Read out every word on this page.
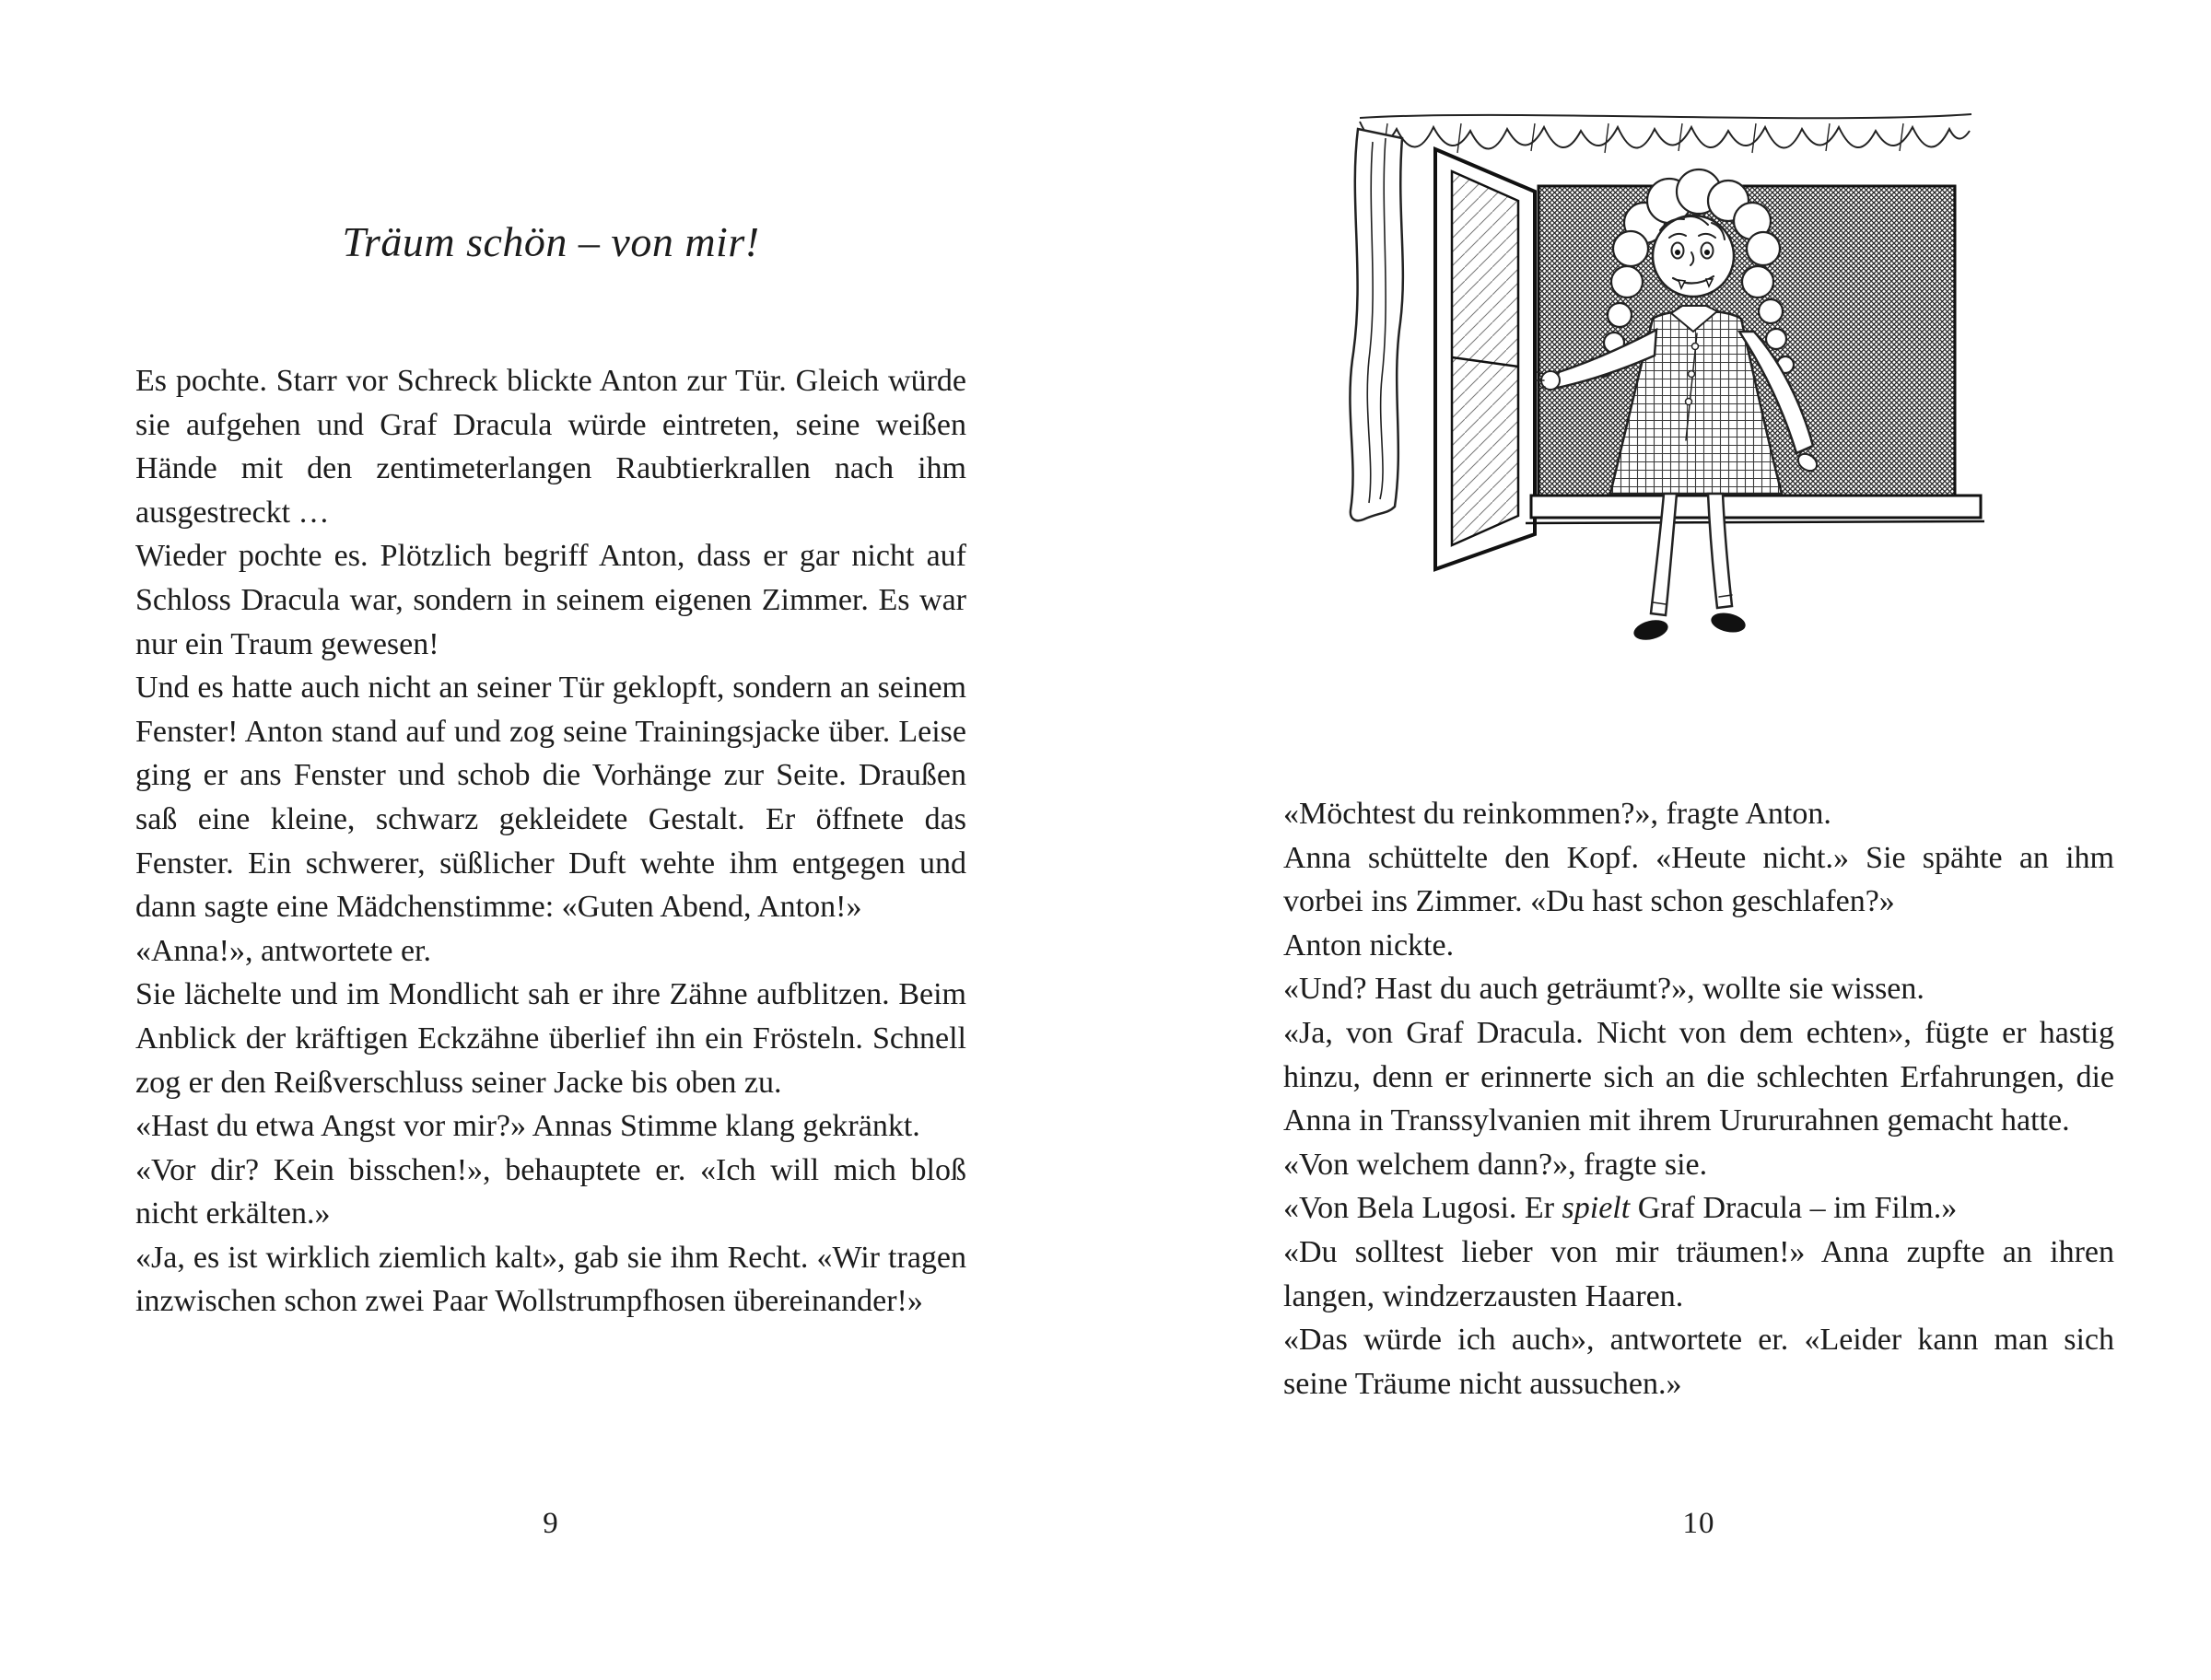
Träum schön – von mir!

Es pochte. Starr vor Schreck blickte Anton zur Tür. Gleich würde sie aufgehen und Graf Dracula würde eintreten, seine weißen Hände mit den zentimeterlangen Raubtierkrallen nach ihm ausgestreckt …

Wieder pochte es. Plötzlich begriff Anton, dass er gar nicht auf Schloss Dracula war, sondern in seinem eigenen Zimmer. Es war nur ein Traum gewesen!

Und es hatte auch nicht an seiner Tür geklopft, sondern an seinem Fenster! Anton stand auf und zog seine Trainingsjacke über. Leise ging er ans Fenster und schob die Vorhänge zur Seite. Draußen saß eine kleine, schwarz gekleidete Gestalt. Er öffnete das Fenster. Ein schwerer, süßlicher Duft wehte ihm entgegen und dann sagte eine Mädchenstimme: «Guten Abend, Anton!»

«Anna!», antwortete er.

Sie lächelte und im Mondlicht sah er ihre Zähne aufblitzen. Beim Anblick der kräftigen Eckzähne überlief ihn ein Frösteln. Schnell zog er den Reißverschluss seiner Jacke bis oben zu.

«Hast du etwa Angst vor mir?» Annas Stimme klang gekränkt.

«Vor dir? Kein bisschen!», behauptete er. «Ich will mich bloß nicht erkälten.»

«Ja, es ist wirklich ziemlich kalt», gab sie ihm Recht. «Wir tragen inzwischen schon zwei Paar Wollstrumpfhosen übereinander!»

9

«Möchtest du reinkommen?», fragte Anton.

Anna schüttelte den Kopf. «Heute nicht.» Sie spähte an ihm vorbei ins Zimmer. «Du hast schon geschlafen?»

Anton nickte.

«Und? Hast du auch geträumt?», wollte sie wissen.

«Ja, von Graf Dracula. Nicht von dem echten», fügte er hastig hinzu, denn er erinnerte sich an die schlechten Erfahrungen, die Anna in Transsylvanien mit ihrem Urururahnen gemacht hatte.

«Von welchem dann?», fragte sie.

«Von Bela Lugosi. Er spielt Graf Dracula – im Film.»

«Du solltest lieber von mir träumen!» Anna zupfte an ihren langen, windzerzausten Haaren.

«Das würde ich auch», antwortete er. «Leider kann man sich seine Träume nicht aussuchen.»

10
